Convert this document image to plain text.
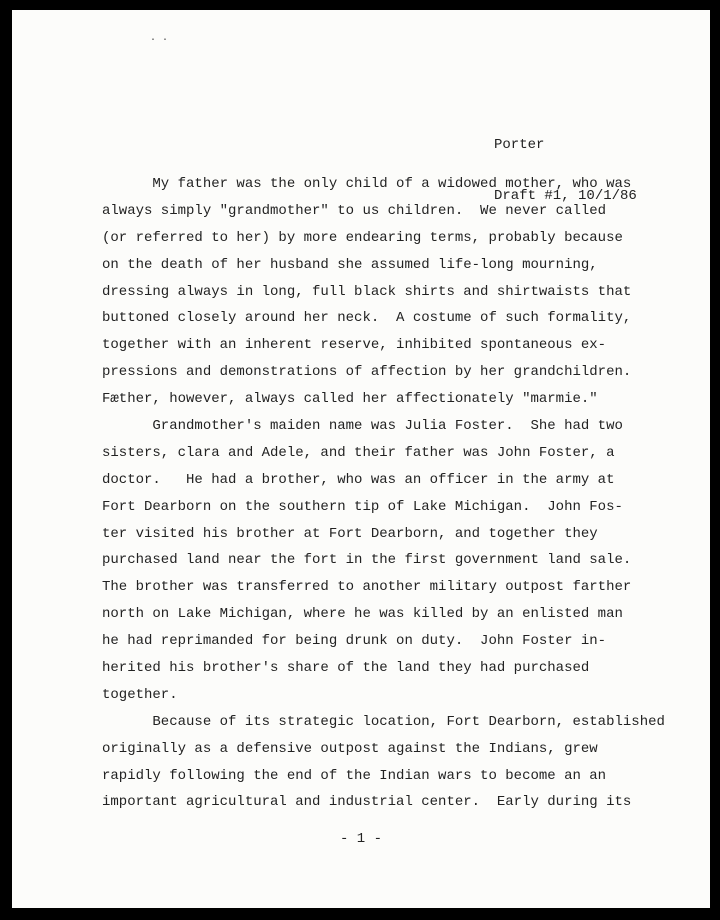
· ·

Porter

Draft #1, 10/1/86

My father was the only child of a widowed mother, who was
always simply "grandmother" to us children.  We never called
(or referred to her) by more endearing terms, probably because
on the death of her husband she assumed life-long mourning,
dressing always in long, full black shirts and shirtwaists that
buttoned closely around her neck.  A costume of such formality,
together with an inherent reserve, inhibited spontaneous ex-
pressions and demonstrations of affection by her grandchildren.
Fæther, however, always called her affectionately "marmie."
Grandmother's maiden name was Julia Foster.  She had two
sisters, clara and Adele, and their father was John Foster, a
doctor.   He had a brother, who was an officer in the army at
Fort Dearborn on the southern tip of Lake Michigan.  John Fos-
ter visited his brother at Fort Dearborn, and together they
purchased land near the fort in the first government land sale.
The brother was transferred to another military outpost farther
north on Lake Michigan, where he was killed by an enlisted man
he had reprimanded for being drunk on duty.  John Foster in-
herited his brother's share of the land they had purchased
together.
Because of its strategic location, Fort Dearborn, established
originally as a defensive outpost against the Indians, grew
rapidly following the end of the Indian wars to become an an
important agricultural and industrial center.  Early during its
- 1 -
